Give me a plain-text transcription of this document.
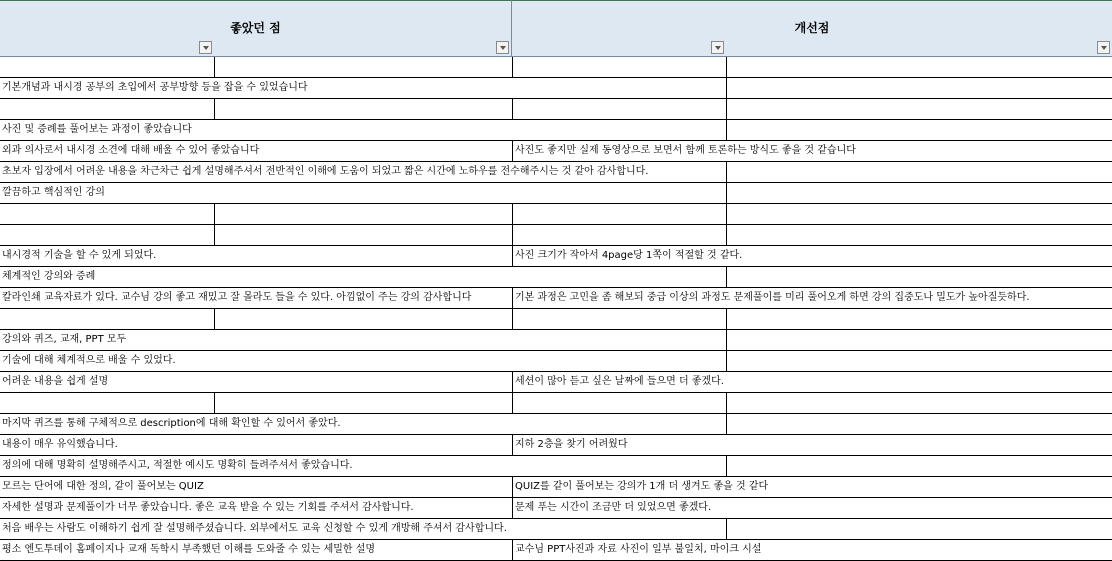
좋았던 점	개선점
기본개념과 내시경 공부의 초입에서 공부방향 등을 잡을 수 있었습니다
사진 및 증례를 풀어보는 과정이 좋았습니다
외과 의사로서 내시경 소견에 대해 배울 수 있어 좋았습니다	사진도 좋지만 실제 동영상으로 보면서 함께 토론하는 방식도 좋을 것 같습니다
초보자 입장에서 어려운 내용을 차근차근 쉽게 설명해주셔서 전반적인 이해에 도움이 되었고 짧은 시간에 노하우를 전수해주시는 것 같아 감사합니다.
깔끔하고 핵심적인 강의
내시경적 기술을 할 수 있게 되었다.	사진 크기가 작아서 4page당 1쪽이 적절할 것 같다.
체계적인 강의와 증례
칼라인쇄 교육자료가 있다. 교수님 강의 좋고 재밌고 잘 몰라도 들을 수 있다. 아낌없이 주는 강의 감사합니다	기본 과정은 고민을 좀 해보되 중급 이상의 과정도 문제풀이를 미리 풀어오게 하면 강의 집중도나 밀도가 높아질듯하다.
강의와 퀴즈, 교재, PPT 모두
기술에 대해 체계적으로 배울 수 있었다.
어려운 내용을 쉽게 설명	세션이 많아 듣고 싶은 날짜에 들으면 더 좋겠다.
마지막 퀴즈를 통해 구체적으로 description에 대해 확인할 수 있어서 좋았다.
내용이 매우 유익했습니다.	지하 2층을 찾기 어려웠다
정의에 대해 명확히 설명해주시고, 적절한 예시도 명확히 들려주셔서 좋았습니다.
모르는 단어에 대한 정의, 같이 풀어보는 QUIZ	QUIZ를 같이 풀어보는 강의가 1개 더 생겨도 좋을 것 같다
자세한 설명과 문제풀이가 너무 좋았습니다. 좋은 교육 받을 수 있는 기회를 주셔서 감사합니다.	문제 푸는 시간이 조금만 더 있었으면 좋겠다.
처음 배우는 사람도 이해하기 쉽게 잘 설명해주셨습니다. 외부에서도 교육 신청할 수 있게 개방해 주셔서 감사합니다.
평소 엔도투데이 홈페이지나 교재 독학시 부족했던 이해를 도와줄 수 있는 세밀한 설명	교수님 PPT사진과 자료 사진이 일부 불일치, 마이크 시설
